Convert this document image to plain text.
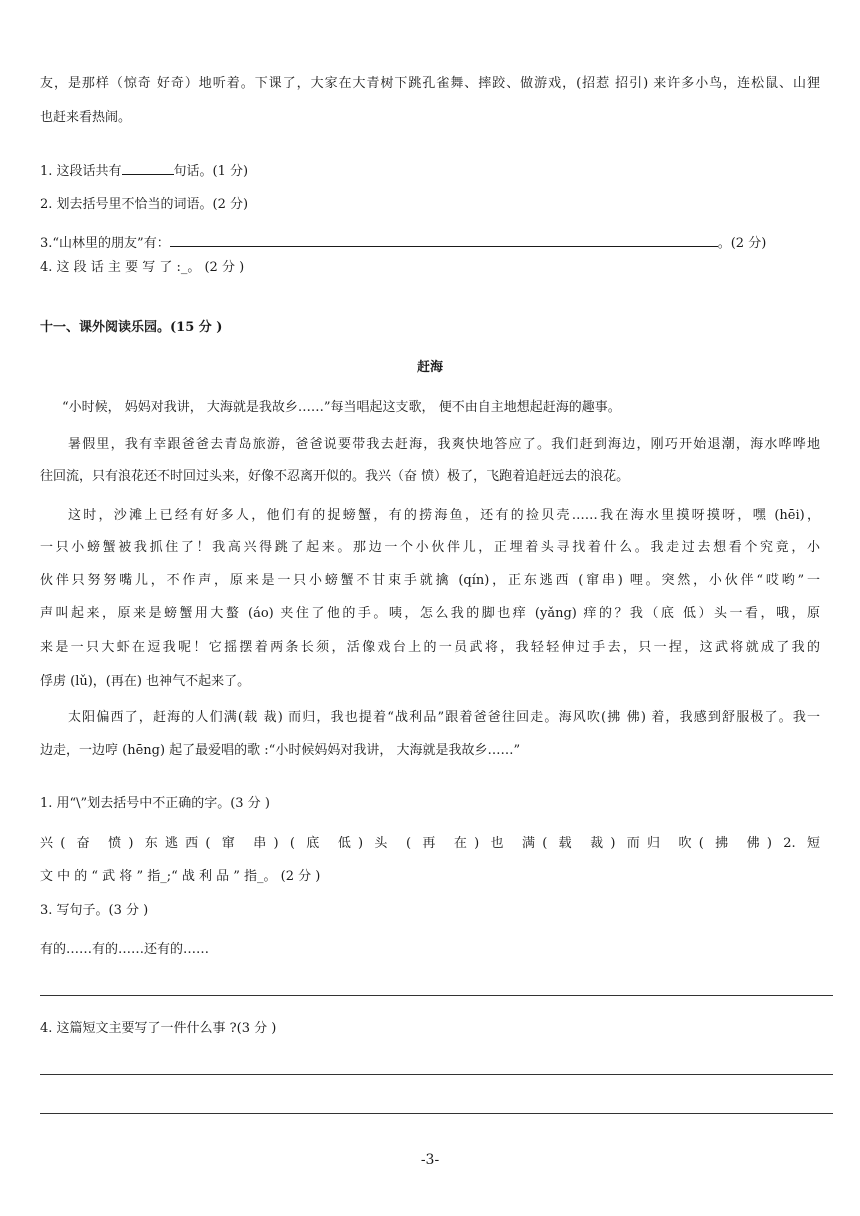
友，是那样（惊奇 好奇）地听着。下课了，大家在大青树下跳孔雀舞、摔跤、做游戏，(招惹 招引) 来许多小鸟，连松鼠、山狸
也赶来看热闹。
1. 这段话共有	句话。(1 分)
2. 划去括号里不恰当的词语。(2 分)
3.“山林里的朋友”有：	。(2 分)
4. 这 段 话 主 要 写 了 :_。 (2 分 )
十一、课外阅读乐园。(15 分 )
赶海
“小时候， 妈妈对我讲， 大海就是我故乡……”每当唱起这支歌， 便不由自主地想起赶海的趣事。
暑假里，我有幸跟爸爸去青岛旅游，爸爸说要带我去赶海，我爽快地答应了。我们赶到海边，刚巧开始退潮，海水哗哗地
往回流，只有浪花还不时回过头来，好像不忍离开似的。我兴（奋 愤）极了，飞跑着追赶远去的浪花。
这时，沙滩上已经有好多人，他们有的捉螃蟹，有的捞海鱼，还有的捡贝壳……我在海水里摸呀摸呀，嘿 (hēi)，
一只小螃蟹被我抓住了！我高兴得跳了起来。那边一个小伙伴儿，正埋着头寻找着什么。我走过去想看个究竟，小
伙伴只努努嘴儿，不作声，原来是一只小螃蟹不甘束手就擒 (qín)，正东逃西 (窜串) 哩。突然，小伙伴“哎哟”一
声叫起来，原来是螃蟹用大螯 (áo) 夹住了他的手。咦，怎么我的脚也痒 (yǎng) 痒的？我（底 低）头一看，哦，原
来是一只大虾在逗我呢！它摇摆着两条长须，活像戏台上的一员武将，我轻轻伸过手去，只一捏，这武将就成了我的
俘虏 (lǔ)，(再在) 也神气不起来了。
太阳偏西了，赶海的人们满(载 裁) 而归，我也提着“战利品”跟着爸爸往回走。海风吹(拂 佛) 着，我感到舒服极了。我一
边走，一边哼 (hēng) 起了最爱唱的歌 :“小时候妈妈对我讲， 大海就是我故乡……”
1. 用“\”划去括号中不正确的字。(3 分 )
兴( 奋 愤) 东逃西( 窜 串) ( 底 低) 头 ( 再 在) 也 满( 载 裁) 而归 吹( 拂 佛) 2. 短
文 中 的 “ 武 将 ” 指_;“ 战 利 品 ” 指_。 (2 分 )
3. 写句子。(3 分 )
有的……有的……还有的……
4. 这篇短文主要写了一件什么事 ?(3 分 )
-3-
